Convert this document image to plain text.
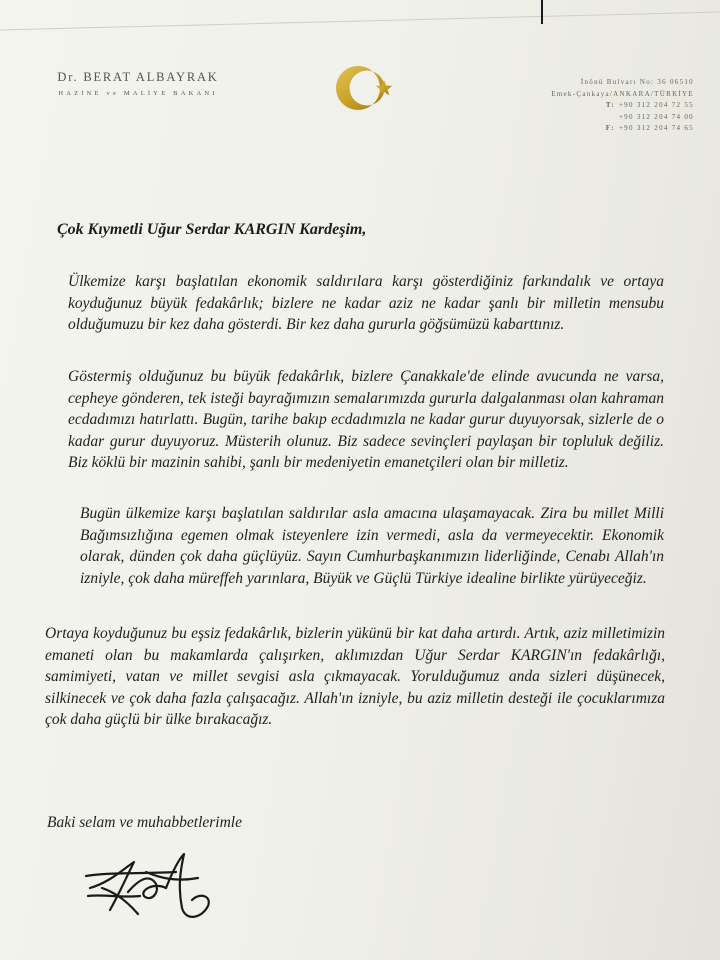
Dr. BERAT ALBAYRAK
HAZİNE ve MALİYE BAKANI
İnönü Bulvarı No: 36 06510
Emek-Çankaya/ANKARA/TÜRKİYE
T: +90 312 204 72 55
+90 312 204 74 00
F: +90 312 204 74 65
Çok Kıymetli Uğur Serdar KARGIN Kardeşim,

Ülkemize karşı başlatılan ekonomik saldırılara karşı gösterdiğiniz farkındalık ve ortaya koyduğunuz büyük fedakârlık; bizlere ne kadar aziz ne kadar şanlı bir milletin mensubu olduğumuzu bir kez daha gösterdi. Bir kez daha gururla göğsümüzü kabarttınız.

Göstermiş olduğunuz bu büyük fedakârlık, bizlere Çanakkale'de elinde avucunda ne varsa, cepheye gönderen, tek isteği bayrağımızın semalarımızda gururla dalgalanması olan kahraman ecdadımızı hatırlattı. Bugün, tarihe bakıp ecdadımızla ne kadar gurur duyuyorsak, sizlerle de o kadar gurur duyuyoruz. Müsterih olunuz. Biz sadece sevinçleri paylaşan bir topluluk değiliz. Biz köklü bir mazinin sahibi, şanlı bir medeniyetin emanetçileri olan bir milletiz.

Bugün ülkemize karşı başlatılan saldırılar asla amacına ulaşamayacak. Zira bu millet Milli Bağımsızlığına egemen olmak isteyenlere izin vermedi, asla da vermeyecektir. Ekonomik olarak, dünden çok daha güçlüyüz. Sayın Cumhurbaşkanımızın liderliğinde, Cenabı Allah'ın izniyle, çok daha müreffeh yarınlara, Büyük ve Güçlü Türkiye idealine birlikte yürüyeceğiz.

Ortaya koyduğunuz bu eşsiz fedakârlık, bizlerin yükünü bir kat daha artırdı. Artık, aziz milletimizin emaneti olan bu makamlarda çalışırken, aklımızdan Uğur Serdar KARGIN'ın fedakârlığı, samimiyeti, vatan ve millet sevgisi asla çıkmayacak. Yorulduğumuz anda sizleri düşünecek, silkinecek ve çok daha fazla çalışacağız. Allah'ın izniyle, bu aziz milletin desteği ile çocuklarımıza çok daha güçlü bir ülke bırakacağız.

Baki selam ve muhabbetlerimle
